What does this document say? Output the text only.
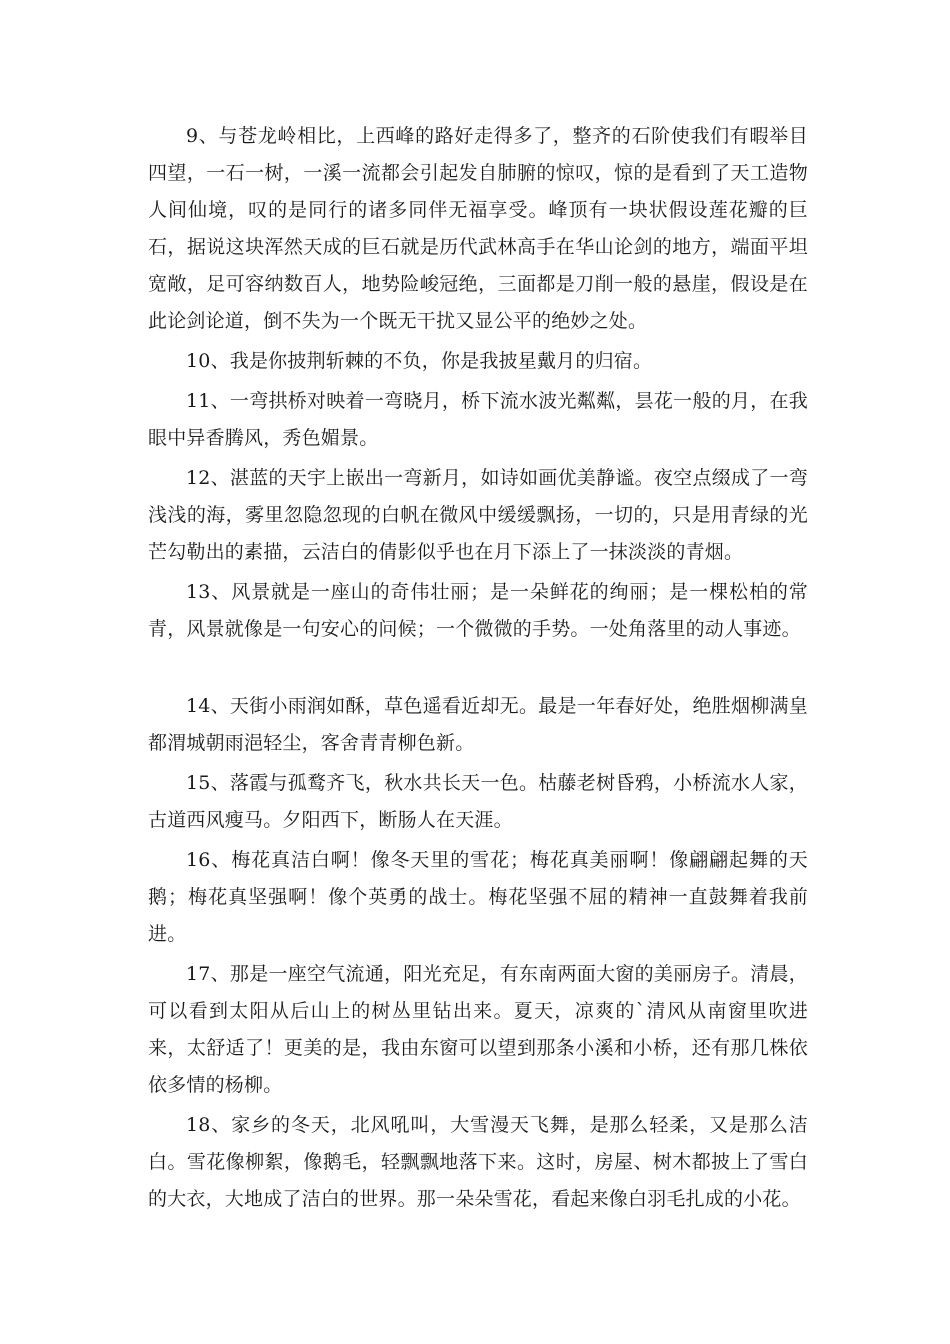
9、与苍龙岭相比，上西峰的路好走得多了，整齐的石阶使我们有暇举目四望，一石一树，一溪一流都会引起发自肺腑的惊叹，惊的是看到了天工造物人间仙境，叹的是同行的诸多同伴无福享受。峰顶有一块状假设莲花瓣的巨石，据说这块浑然天成的巨石就是历代武林高手在华山论剑的地方，端面平坦宽敞，足可容纳数百人，地势险峻冠绝，三面都是刀削一般的悬崖，假设是在此论剑论道，倒不失为一个既无干扰又显公平的绝妙之处。

10、我是你披荆斩棘的不负，你是我披星戴月的归宿。

11、一弯拱桥对映着一弯晓月，桥下流水波光粼粼，昙花一般的月，在我眼中异香腾风，秀色媚景。

12、湛蓝的天宇上嵌出一弯新月，如诗如画优美静谧。夜空点缀成了一弯浅浅的海，雾里忽隐忽现的白帆在微风中缓缓飘扬，一切的，只是用青绿的光芒勾勒出的素描，云洁白的倩影似乎也在月下添上了一抹淡淡的青烟。

13、风景就是一座山的奇伟壮丽；是一朵鲜花的绚丽；是一棵松柏的常青，风景就像是一句安心的问候；一个微微的手势。一处角落里的动人事迹。

14、天街小雨润如酥，草色遥看近却无。最是一年春好处，绝胜烟柳满皇都渭城朝雨浥轻尘，客舍青青柳色新。

15、落霞与孤鹜齐飞，秋水共长天一色。枯藤老树昏鸦，小桥流水人家，古道西风瘦马。夕阳西下，断肠人在天涯。

16、梅花真洁白啊！像冬天里的雪花；梅花真美丽啊！像翩翩起舞的天鹅；梅花真坚强啊！像个英勇的战士。梅花坚强不屈的精神一直鼓舞着我前进。

17、那是一座空气流通，阳光充足，有东南两面大窗的美丽房子。清晨，可以看到太阳从后山上的树丛里钻出来。夏天，凉爽的`清风从南窗里吹进来，太舒适了！更美的是，我由东窗可以望到那条小溪和小桥，还有那几株依依多情的杨柳。

18、家乡的冬天，北风吼叫，大雪漫天飞舞，是那么轻柔，又是那么洁白。雪花像柳絮，像鹅毛，轻飘飘地落下来。这时，房屋、树木都披上了雪白的大衣，大地成了洁白的世界。那一朵朵雪花，看起来像白羽毛扎成的小花。
